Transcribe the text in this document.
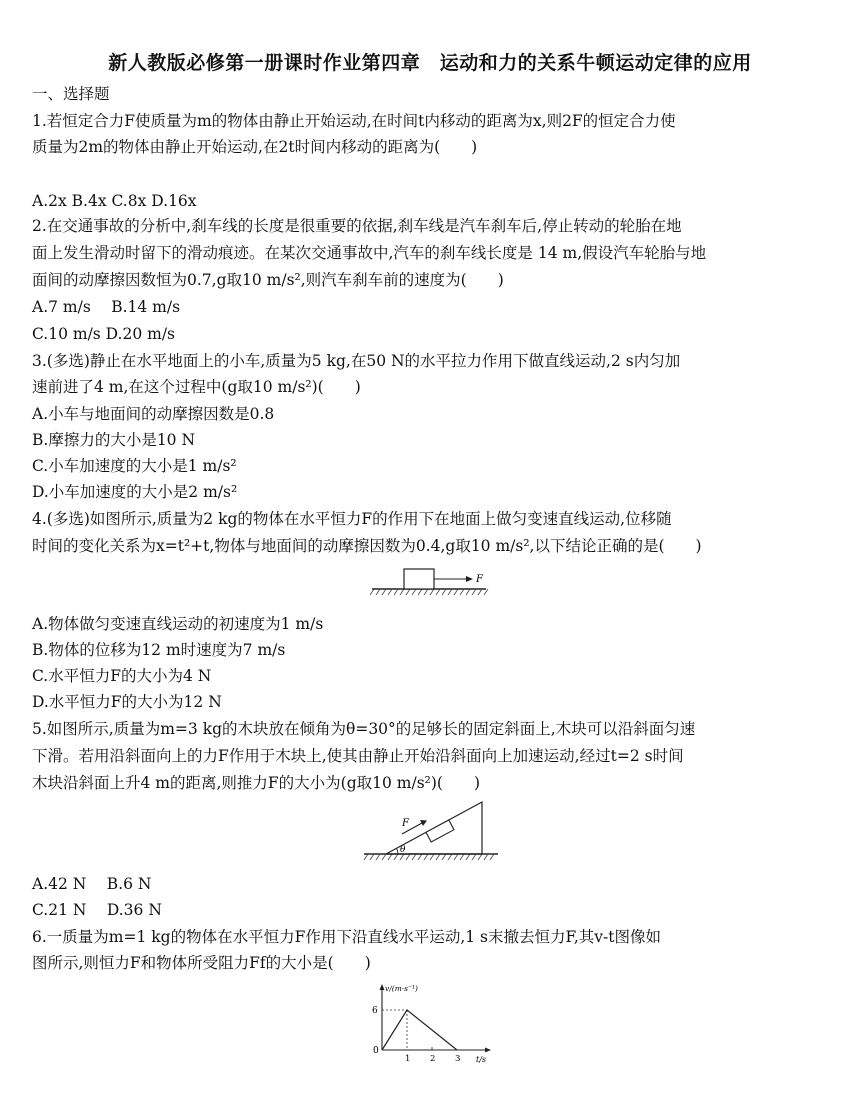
新人教版必修第一册课时作业第四章　运动和力的关系牛顿运动定律的应用
一、选择题
1.若恒定合力F使质量为m的物体由静止开始运动,在时间t内移动的距离为x,则2F的恒定合力使
质量为2m的物体由静止开始运动,在2t时间内移动的距离为(　　)
A.2x B.4x C.8x D.16x
2.在交通事故的分析中,刹车线的长度是很重要的依据,刹车线是汽车刹车后,停止转动的轮胎在地
面上发生滑动时留下的滑动痕迹。在某次交通事故中,汽车的刹车线长度是 14 m,假设汽车轮胎与地
面间的动摩擦因数恒为0.7,g取10 m/s²,则汽车刹车前的速度为(　　)
A.7 m/s　 B.14 m/s
C.10 m/s D.20 m/s
3.(多选)静止在水平地面上的小车,质量为5 kg,在50 N的水平拉力作用下做直线运动,2 s内匀加
速前进了4 m,在这个过程中(g取10 m/s²)(　　)
A.小车与地面间的动摩擦因数是0.8
B.摩擦力的大小是10 N
C.小车加速度的大小是1 m/s²
D.小车加速度的大小是2 m/s²
4.(多选)如图所示,质量为2 kg的物体在水平恒力F的作用下在地面上做匀变速直线运动,位移随
时间的变化关系为x=t²+t,物体与地面间的动摩擦因数为0.4,g取10 m/s²,以下结论正确的是(　　)
F
A.物体做匀变速直线运动的初速度为1 m/s
B.物体的位移为12 m时速度为7 m/s
C.水平恒力F的大小为4 N
D.水平恒力F的大小为12 N
5.如图所示,质量为m=3 kg的木块放在倾角为θ=30°的足够长的固定斜面上,木块可以沿斜面匀速
下滑。若用沿斜面向上的力F作用于木块上,使其由静止开始沿斜面向上加速运动,经过t=2 s时间
木块沿斜面上升4 m的距离,则推力F的大小为(g取10 m/s²)(　　)
F
θ
A.42 N　 B.6 N
C.21 N　 D.36 N
6.一质量为m=1 kg的物体在水平恒力F作用下沿直线水平运动,1 s末撤去恒力F,其v-t图像如
图所示,则恒力F和物体所受阻力Ff的大小是(　　)
v/(m·s⁻¹)
t/s
6
0
1 2 3
